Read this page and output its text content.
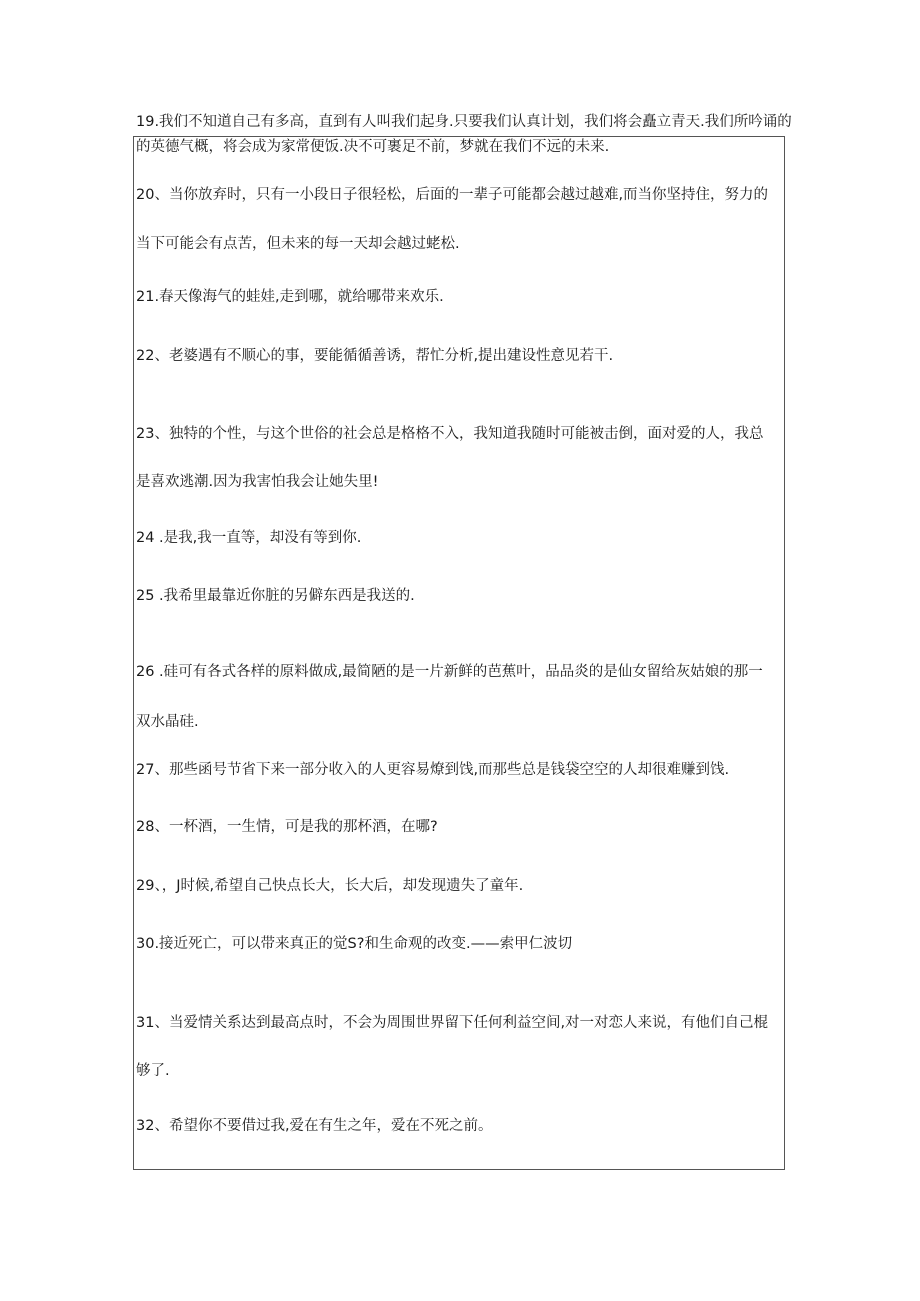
19.我们不知道自己有多高，直到有人叫我们起身.只要我们认真计划，我们将会矗立青天.我们所吟诵的

的英德气概，将会成为家常便饭.决不可裹足不前，梦就在我们不远的未来.

20、当你放弃时，只有一小段日子很轻松，后面的一辈子可能都会越过越难,而当你坚持住，努力的

当下可能会有点苦，但未来的每一天却会越过蛯松.

21.春天像海气的蛙娃,走到哪，就给哪带来欢乐.

22、老婆遇有不顺心的事，要能循循善诱，帮忙分析,提出建设性意见若干.

23、独特的个性，与这个世俗的社会总是格格不入，我知道我随时可能被击倒，面对爱的人，我总

是喜欢逃潮.因为我害怕我会让她失里!

24 .是我,我一直等，却没有等到你.

25 .我希里最靠近你脏的另僻东西是我送的.

26 .硅可有各式各样的原料做成,最简陋的是一片新鲜的芭蕉叶，品品炎的是仙女留给灰姑娘的那一

双水晶硅.

27、那些函号节省下来一部分收入的人更容易燎到饯,而那些总是钱袋空空的人却很难赚到饯.

28、一杯酒，一生情，可是我的那杯酒，在哪?

29、，J时候,希望自己快点长大，长大后，却发现遗失了童年.

30.接近死亡，可以带来真正的觉S?和生命观的改变.——索甲仁波切

31、当爱情关系达到最高点时，不会为周围世界留下任何利益空间,对一对恋人来说，有他们自己棍

够了.

32、希望你不要借过我,爱在有生之年，爱在不死之前。
